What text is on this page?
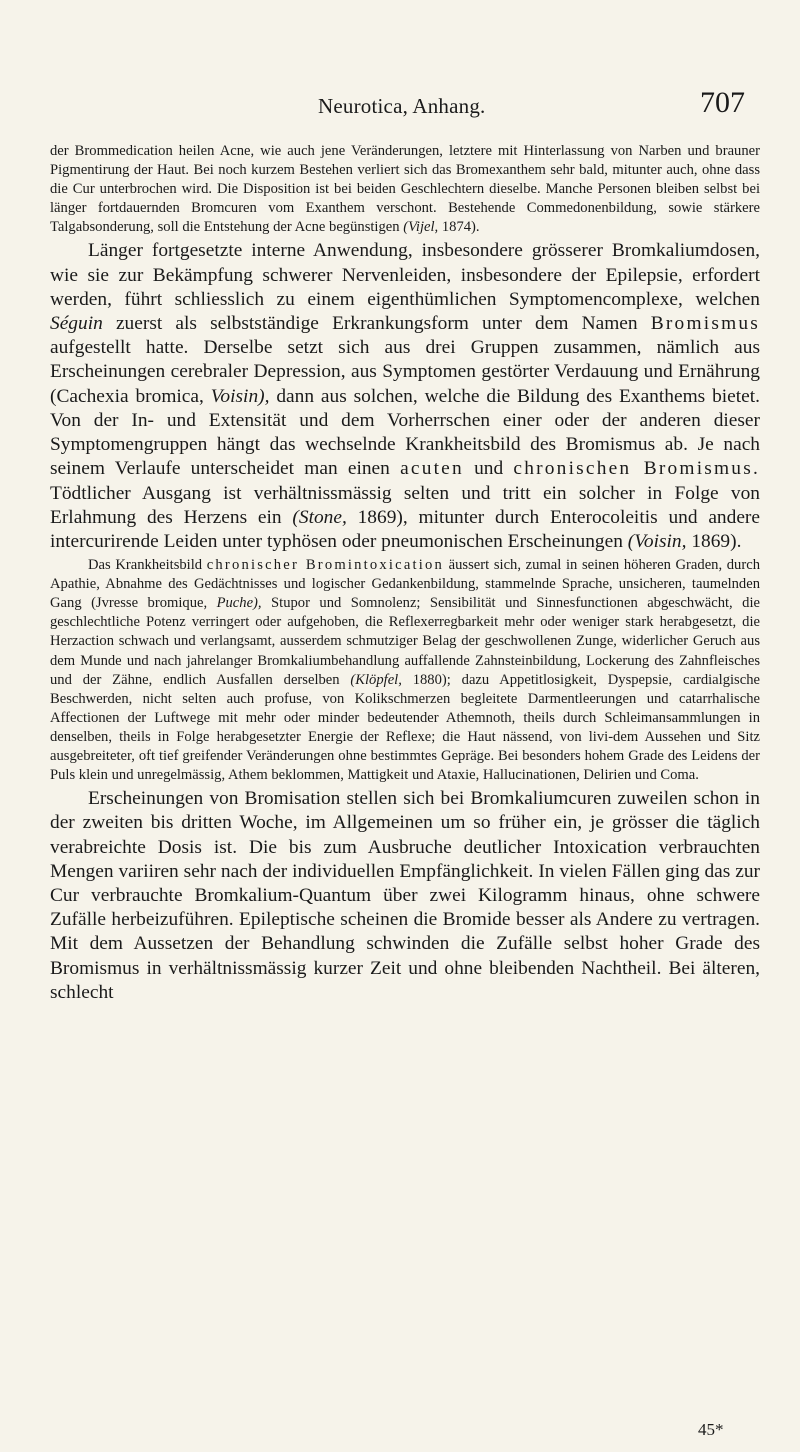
Neurotica, Anhang.	707

der Brommedication heilen Acne, wie auch jene Veränderungen, letztere mit Hinterlassung von Narben und brauner Pigmentirung der Haut. Bei noch kurzem Bestehen verliert sich das Bromexanthem sehr bald, mitunter auch, ohne dass die Cur unterbrochen wird. Die Disposition ist bei beiden Geschlechtern dieselbe. Manche Personen bleiben selbst bei länger fortdauernden Bromcuren vom Exanthem verschont. Bestehende Commedonenbildung, sowie stärkere Talgabsonderung, soll die Entstehung der Acne begünstigen (Vijel, 1874).

Länger fortgesetzte interne Anwendung, insbesondere grösserer Bromkaliumdosen, wie sie zur Bekämpfung schwerer Nervenleiden, insbesondere der Epilepsie, erfordert werden, führt schliesslich zu einem eigenthümlichen Symptomencomplexe, welchen Séguin zuerst als selbstständige Erkrankungsform unter dem Namen Bromismus aufgestellt hatte. Derselbe setzt sich aus drei Gruppen zusammen, nämlich aus Erscheinungen cerebraler Depression, aus Symptomen gestörter Verdauung und Ernährung (Cachexia bromica, Voisin), dann aus solchen, welche die Bildung des Exanthems bietet. Von der In- und Extensität und dem Vorherrschen einer oder der anderen dieser Symptomengruppen hängt das wechselnde Krankheitsbild des Bromismus ab. Je nach seinem Verlaufe unterscheidet man einen acuten und chronischen Bromismus. Tödtlicher Ausgang ist verhältnissmässig selten und tritt ein solcher in Folge von Erlahmung des Herzens ein (Stone, 1869), mitunter durch Enterocoleitis und andere intercurirende Leiden unter typhösen oder pneumonischen Erscheinungen (Voisin, 1869).

Das Krankheitsbild chronischer Bromintoxication äussert sich, zumal in seinen höheren Graden, durch Apathie, Abnahme des Gedächtnisses und logischer Gedankenbildung, stammelnde Sprache, unsicheren, taumelnden Gang (Jvresse bromique, Puche), Stupor und Somnolenz; Sensibilität und Sinnesfunctionen abgeschwächt, die geschlechtliche Potenz verringert oder aufgehoben, die Reflexerregbarkeit mehr oder weniger stark herabgesetzt, die Herzaction schwach und verlangsamt, ausserdem schmutziger Belag der geschwollenen Zunge, widerlicher Geruch aus dem Munde und nach jahrelanger Bromkaliumbehandlung auffallende Zahnsteinbildung, Lockerung des Zahnfleisches und der Zähne, endlich Ausfallen derselben (Klöpfel, 1880); dazu Appetitlosigkeit, Dyspepsie, cardialgische Beschwerden, nicht selten auch profuse, von Kolikschmerzen begleitete Darmentleerungen und catarrhalische Affectionen der Luftwege mit mehr oder minder bedeutender Athemnoth, theils durch Schleimansammlungen in denselben, theils in Folge herabgesetzter Energie der Reflexe; die Haut nässend, von livi-dem Aussehen und Sitz ausgebreiteter, oft tief greifender Veränderungen ohne bestimmtes Gepräge. Bei besonders hohem Grade des Leidens der Puls klein und unregelmässig, Athem beklommen, Mattigkeit und Ataxie, Hallucinationen, Delirien und Coma.

Erscheinungen von Bromisation stellen sich bei Bromkaliumcuren zuweilen schon in der zweiten bis dritten Woche, im Allgemeinen um so früher ein, je grösser die täglich verabreichte Dosis ist. Die bis zum Ausbruche deutlicher Intoxication verbrauchten Mengen variiren sehr nach der individuellen Empfänglichkeit. In vielen Fällen ging das zur Cur verbrauchte Bromkalium-Quantum über zwei Kilogramm hinaus, ohne schwere Zufälle herbeizuführen. Epileptische scheinen die Bromide besser als Andere zu vertragen. Mit dem Aussetzen der Behandlung schwinden die Zufälle selbst hoher Grade des Bromismus in verhältnissmässig kurzer Zeit und ohne bleibenden Nachtheil. Bei älteren, schlecht

45*
